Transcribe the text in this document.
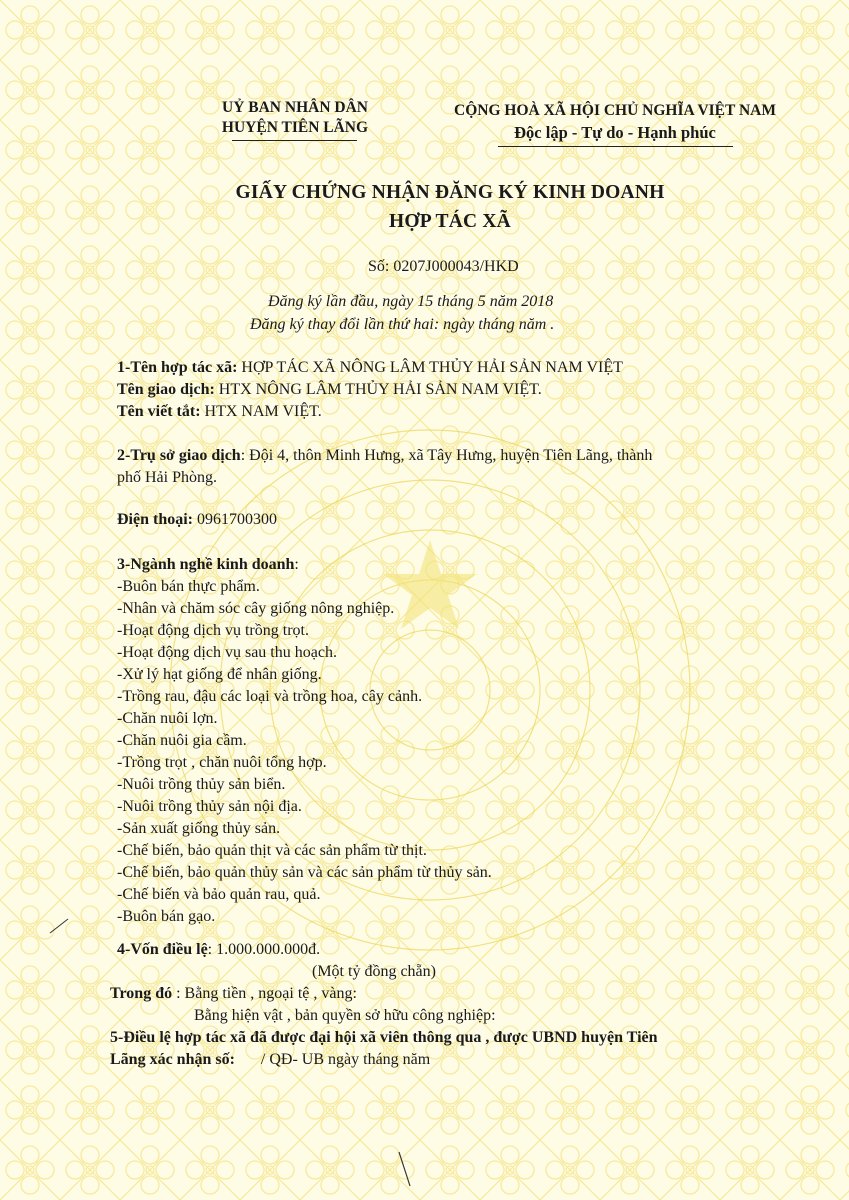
UỶ BAN NHÂN DÂN
HUYỆN TIÊN LÃNG
CỘNG HOÀ XÃ HỘI CHỦ NGHĨA VIỆT NAM
Độc lập - Tự do - Hạnh phúc
GIẤY CHỨNG NHẬN ĐĂNG KÝ KINH DOANH
HỢP TÁC XÃ
Số: 0207J000043/HKD
Đăng ký lần đầu, ngày 15 tháng 5 năm 2018
Đăng ký thay đổi lần thứ hai: ngày tháng năm .
1-Tên hợp tác xã: HỢP TÁC XÃ NÔNG LÂM THỦY HẢI SẢN NAM VIỆT
Tên giao dịch: HTX NÔNG LÂM THỦY HẢI SẢN NAM VIỆT.
Tên viết tắt: HTX NAM VIỆT.
2-Trụ sở giao dịch: Đội 4, thôn Minh Hưng, xã Tây Hưng, huyện Tiên Lãng, thành
phố Hải Phòng.
Điện thoại: 0961700300
3-Ngành nghề kinh doanh:
-Buôn bán thực phẩm.
-Nhân và chăm sóc cây giống nông nghiệp.
-Hoạt động dịch vụ trồng trọt.
-Hoạt động dịch vụ sau thu hoạch.
-Xử lý hạt giống để nhân giống.
-Trồng rau, đậu các loại và trồng hoa, cây cảnh.
-Chăn nuôi lợn.
-Chăn nuôi gia cầm.
-Trồng trọt , chăn nuôi tổng hợp.
-Nuôi trồng thủy sản biển.
-Nuôi trồng thủy sản nội địa.
-Sản xuất giống thủy sản.
-Chế biến, bảo quản thịt và các sản phẩm từ thịt.
-Chế biến, bảo quản thủy sản và các sản phẩm từ thủy sản.
-Chế biến và bảo quản rau, quả.
-Buôn bán gạo.
4-Vốn điều lệ: 1.000.000.000đ.
(Một tỷ đồng chẵn)
Trong đó : Bằng tiền , ngoại tệ , vàng:
Bằng hiện vật , bản quyền sở hữu công nghiệp:
5-Điều lệ hợp tác xã đã được đại hội xã viên thông qua , được UBND huyện Tiên
Lãng xác nhận số: / QĐ- UB ngày tháng năm
